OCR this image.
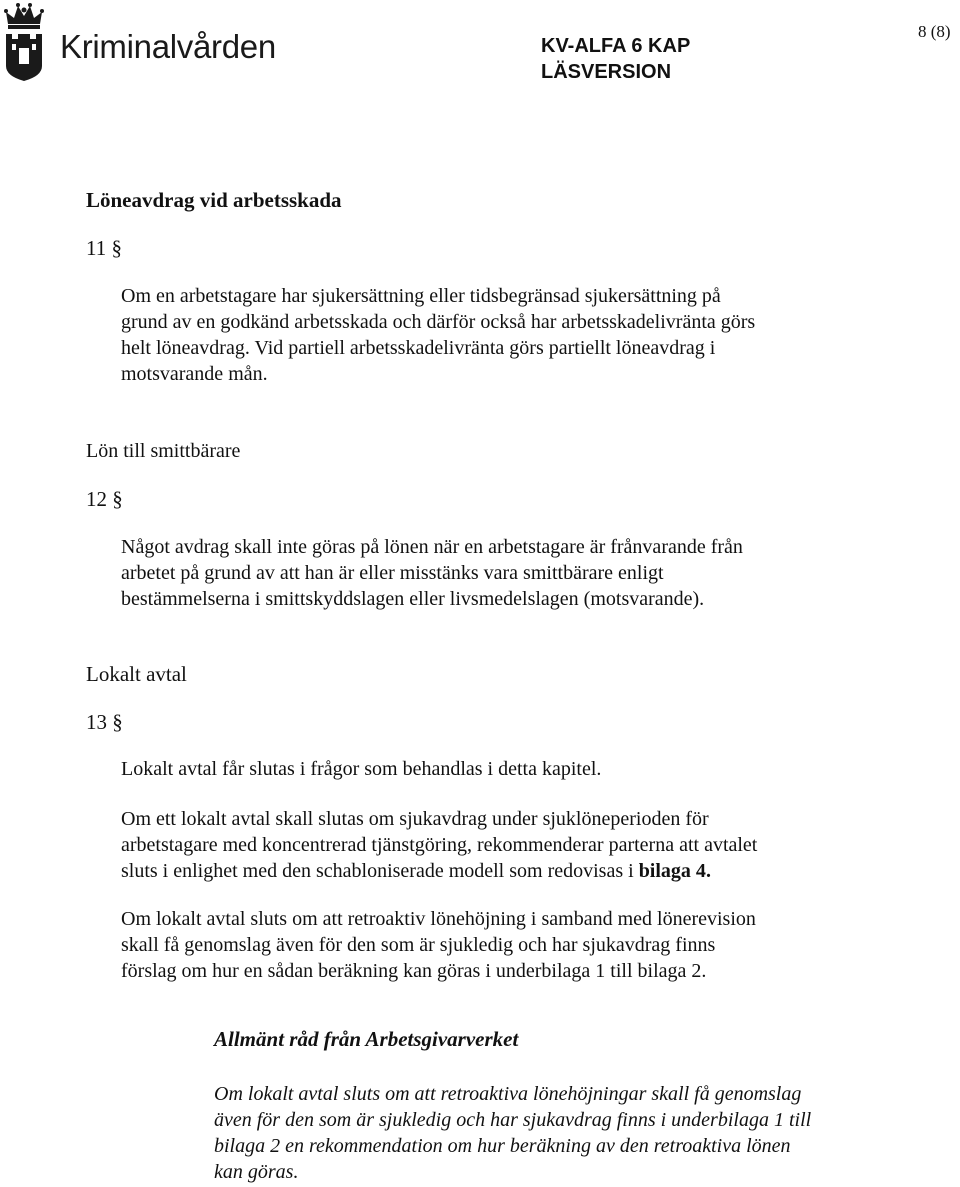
Kriminalvården	KV-ALFA 6 KAP
LÄSVERSION
8 (8)
Löneavdrag vid arbetsskada
11 §
Om en arbetstagare har sjukersättning eller tidsbegränsad sjukersättning på
grund av en godkänd arbetsskada och därför också har arbetsskadelivränta görs
helt löneavdrag. Vid partiell arbetsskadelivränta görs partiellt löneavdrag i
motsvarande mån.
Lön till smittbärare
12 §
Något avdrag skall inte göras på lönen när en arbetstagare är frånvarande från
arbetet på grund av att han är eller misstänks vara smittbärare enligt
bestämmelserna i smittskyddslagen eller livsmedelslagen (motsvarande).
Lokalt avtal
13 §
Lokalt avtal får slutas i frågor som behandlas i detta kapitel.
Om ett lokalt avtal skall slutas om sjukavdrag under sjuklöneperioden för
arbetstagare med koncentrerad tjänstgöring, rekommenderar parterna att avtalet
sluts i enlighet med den schabloniserade modell som redovisas i bilaga 4.
Om lokalt avtal sluts om att retroaktiv lönehöjning i samband med lönerevision
skall få genomslag även för den som är sjukledig och har sjukavdrag finns
förslag om hur en sådan beräkning kan göras i underbilaga 1 till bilaga 2.
Allmänt råd från Arbetsgivarverket
Om lokalt avtal sluts om att retroaktiva lönehöjningar skall få genomslag
även för den som är sjukledig och har sjukavdrag finns i underbilaga 1 till
bilaga 2 en rekommendation om hur beräkning av den retroaktiva lönen
kan göras.
